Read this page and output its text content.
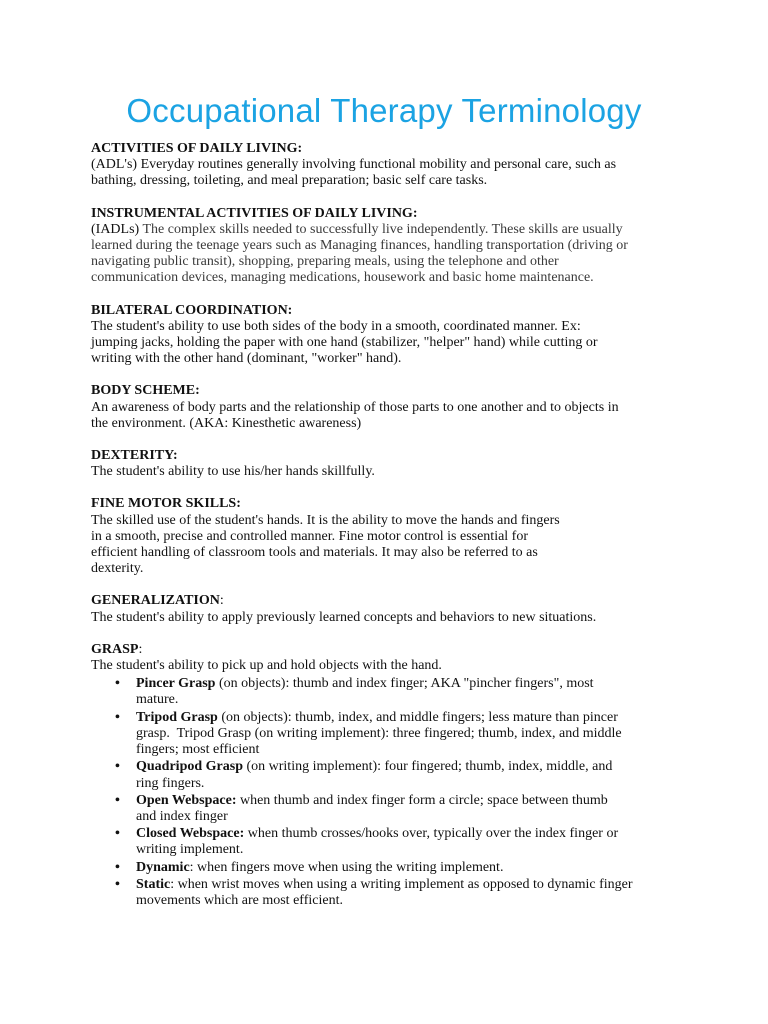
Occupational Therapy Terminology
ACTIVITIES OF DAILY LIVING:
(ADL's) Everyday routines generally involving functional mobility and personal care, such as
bathing, dressing, toileting, and meal preparation; basic self care tasks.
INSTRUMENTAL ACTIVITIES OF DAILY LIVING:
(IADLs) The complex skills needed to successfully live independently. These skills are usually
learned during the teenage years such as Managing finances, handling transportation (driving or
navigating public transit), shopping, preparing meals, using the telephone and other
communication devices, managing medications, housework and basic home maintenance.
BILATERAL COORDINATION:
The student's ability to use both sides of the body in a smooth, coordinated manner. Ex:
jumping jacks, holding the paper with one hand (stabilizer, "helper" hand) while cutting or
writing with the other hand (dominant, "worker" hand).
BODY SCHEME:
An awareness of body parts and the relationship of those parts to one another and to objects in
the environment. (AKA: Kinesthetic awareness)
DEXTERITY:
The student's ability to use his/her hands skillfully.
FINE MOTOR SKILLS:
The skilled use of the student's hands. It is the ability to move the hands and fingers
in a smooth, precise and controlled manner. Fine motor control is essential for
efficient handling of classroom tools and materials. It may also be referred to as
dexterity.
GENERALIZATION:
The student's ability to apply previously learned concepts and behaviors to new situations.
GRASP:
The student's ability to pick up and hold objects with the hand.
• Pincer Grasp (on objects): thumb and index finger; AKA "pincher fingers", most
mature.
• Tripod Grasp (on objects): thumb, index, and middle fingers; less mature than pincer
grasp.  Tripod Grasp (on writing implement): three fingered; thumb, index, and middle
fingers; most efficient
• Quadripod Grasp (on writing implement): four fingered; thumb, index, middle, and
ring fingers.
• Open Webspace: when thumb and index finger form a circle; space between thumb
and index finger
• Closed Webspace: when thumb crosses/hooks over, typically over the index finger or
writing implement.
• Dynamic: when fingers move when using the writing implement.
• Static: when wrist moves when using a writing implement as opposed to dynamic finger
movements which are most efficient.
